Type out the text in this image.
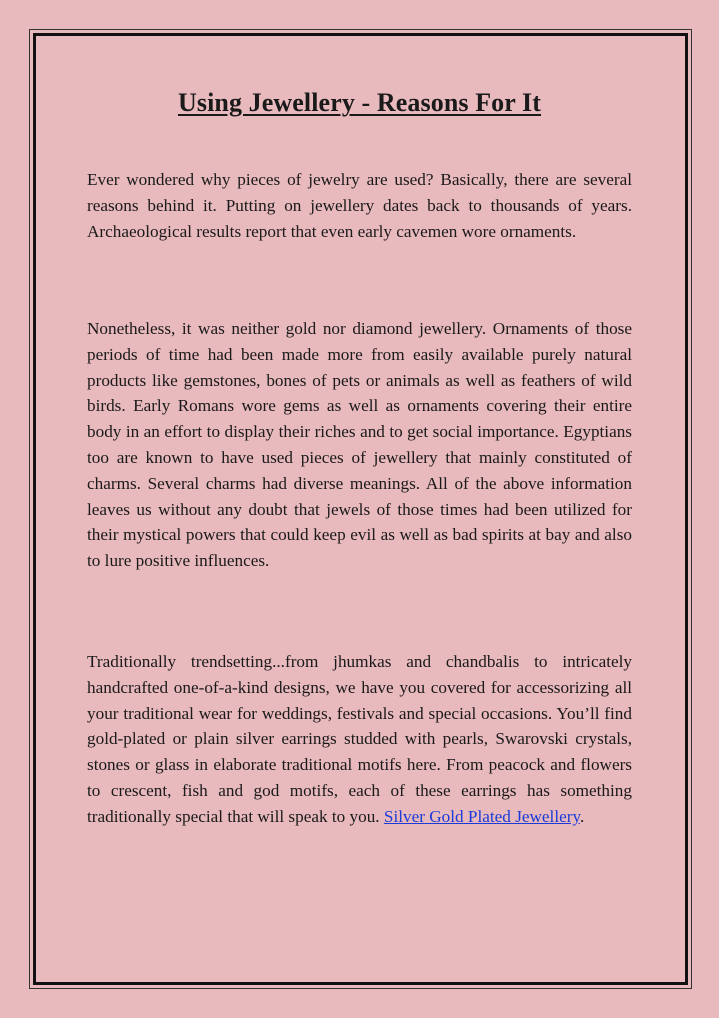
Using Jewellery - Reasons For It

Ever wondered why pieces of jewelry are used? Basically, there are several reasons behind it. Putting on jewellery dates back to thousands of years. Archaeological results report that even early cavemen wore ornaments.

Nonetheless, it was neither gold nor diamond jewellery. Ornaments of those periods of time had been made more from easily available purely natural products like gemstones, bones of pets or animals as well as feathers of wild birds. Early Romans wore gems as well as ornaments covering their entire body in an effort to display their riches and to get social importance. Egyptians too are known to have used pieces of jewellery that mainly constituted of charms. Several charms had diverse meanings. All of the above information leaves us without any doubt that jewels of those times had been utilized for their mystical powers that could keep evil as well as bad spirits at bay and also to lure positive influences.

Traditionally trendsetting...from jhumkas and chandbalis to intricately handcrafted one-of-a-kind designs, we have you covered for accessorizing all your traditional wear for weddings, festivals and special occasions. You’ll find gold-plated or plain silver earrings studded with pearls, Swarovski crystals, stones or glass in elaborate traditional motifs here. From peacock and flowers to crescent, fish and god motifs, each of these earrings has something traditionally special that will speak to you. Silver Gold Plated Jewellery.
